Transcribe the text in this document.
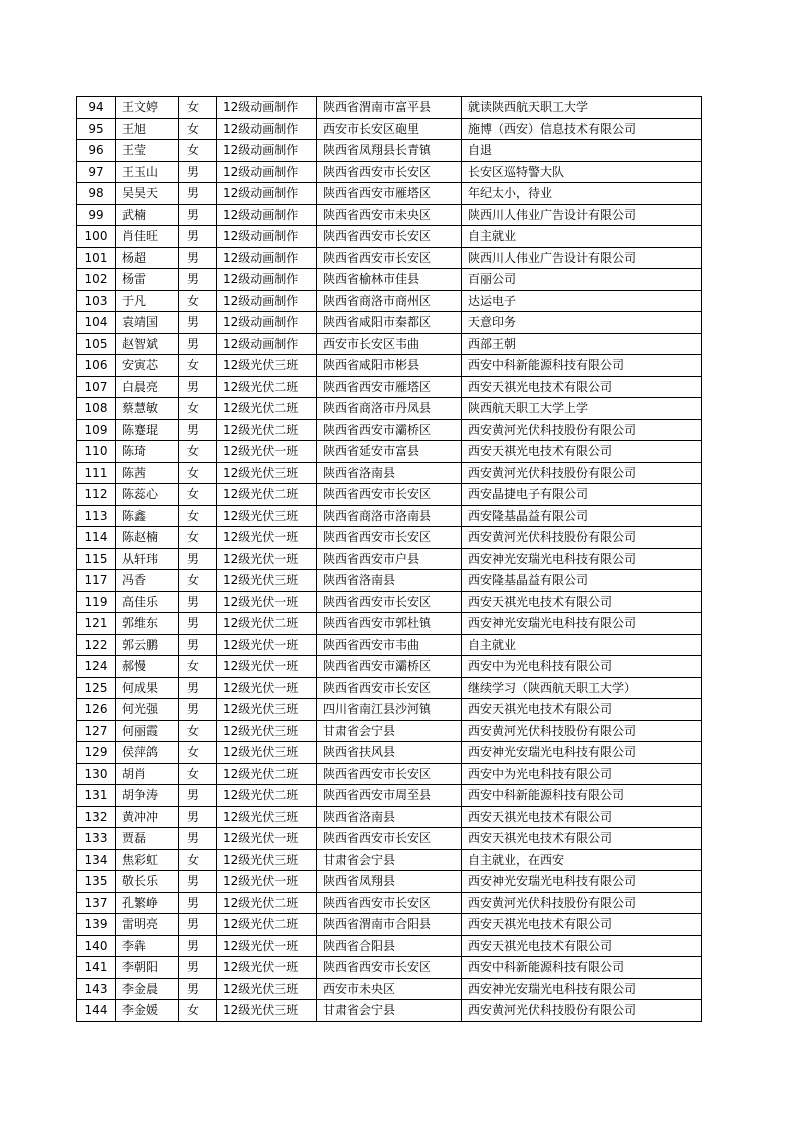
94	王文婷	女	12级动画制作	陕西省渭南市富平县	就读陕西航天职工大学
95	王旭	女	12级动画制作	西安市长安区砲里	施博（西安）信息技术有限公司
96	王莹	女	12级动画制作	陕西省凤翔县长青镇	自退
97	王玉山	男	12级动画制作	陕西省西安市长安区	长安区巡特警大队
98	吴昊天	男	12级动画制作	陕西省西安市雁塔区	年纪太小，待业
99	武楠	男	12级动画制作	陕西省西安市未央区	陕西川人伟业广告设计有限公司
100	肖佳旺	男	12级动画制作	陕西省西安市长安区	自主就业
101	杨超	男	12级动画制作	陕西省西安市长安区	陕西川人伟业广告设计有限公司
102	杨雷	男	12级动画制作	陕西省榆林市佳县	百丽公司
103	于凡	女	12级动画制作	陕西省商洛市商州区	达运电子
104	袁靖国	男	12级动画制作	陕西省咸阳市秦都区	天意印务
105	赵智斌	男	12级动画制作	西安市长安区韦曲	西部王朝
106	安寅芯	女	12级光伏三班	陕西省咸阳市彬县	西安中科新能源科技有限公司
107	白晨亮	男	12级光伏二班	陕西省西安市雁塔区	西安天祺光电技术有限公司
108	蔡慧敏	女	12级光伏二班	陕西省商洛市丹凤县	陕西航天职工大学上学
109	陈蹇琨	男	12级光伏二班	陕西省西安市灞桥区	西安黄河光伏科技股份有限公司
110	陈琦	女	12级光伏一班	陕西省延安市富县	西安天祺光电技术有限公司
111	陈茜	女	12级光伏三班	陕西省洛南县	西安黄河光伏科技股份有限公司
112	陈蕊心	女	12级光伏二班	陕西省西安市长安区	西安晶捷电子有限公司
113	陈鑫	女	12级光伏三班	陕西省商洛市洛南县	西安隆基晶益有限公司
114	陈赵楠	女	12级光伏一班	陕西省西安市长安区	西安黄河光伏科技股份有限公司
115	从轩玮	男	12级光伏一班	陕西省西安市户县	西安神光安瑞光电科技有限公司
117	冯香	女	12级光伏三班	陕西省洛南县	西安隆基晶益有限公司
119	高佳乐	男	12级光伏一班	陕西省西安市长安区	西安天祺光电技术有限公司
121	郭维东	男	12级光伏二班	陕西省西安市郭杜镇	西安神光安瑞光电科技有限公司
122	郭云鹏	男	12级光伏一班	陕西省西安市韦曲	自主就业
124	郝慢	女	12级光伏一班	陕西省西安市灞桥区	西安中为光电科技有限公司
125	何成果	男	12级光伏一班	陕西省西安市长安区	继续学习（陕西航天职工大学）
126	何光强	男	12级光伏三班	四川省南江县沙河镇	西安天祺光电技术有限公司
127	何丽霞	女	12级光伏三班	甘肃省会宁县	西安黄河光伏科技股份有限公司
129	侯萍鸽	女	12级光伏三班	陕西省扶风县	西安神光安瑞光电科技有限公司
130	胡肖	女	12级光伏二班	陕西省西安市长安区	西安中为光电科技有限公司
131	胡争涛	男	12级光伏二班	陕西省西安市周至县	西安中科新能源科技有限公司
132	黄冲冲	男	12级光伏三班	陕西省洛南县	西安天祺光电技术有限公司
133	贾磊	男	12级光伏一班	陕西省西安市长安区	西安天祺光电技术有限公司
134	焦彩虹	女	12级光伏三班	甘肃省会宁县	自主就业，在西安
135	敬长乐	男	12级光伏一班	陕西省凤翔县	西安神光安瑞光电科技有限公司
137	孔繁峥	男	12级光伏二班	陕西省西安市长安区	西安黄河光伏科技股份有限公司
139	雷明亮	男	12级光伏二班	陕西省渭南市合阳县	西安天祺光电技术有限公司
140	李犇	男	12级光伏一班	陕西省合阳县	西安天祺光电技术有限公司
141	李朝阳	男	12级光伏一班	陕西省西安市长安区	西安中科新能源科技有限公司
143	李金晨	男	12级光伏三班	西安市未央区	西安神光安瑞光电科技有限公司
144	李金媛	女	12级光伏三班	甘肃省会宁县	西安黄河光伏科技股份有限公司
